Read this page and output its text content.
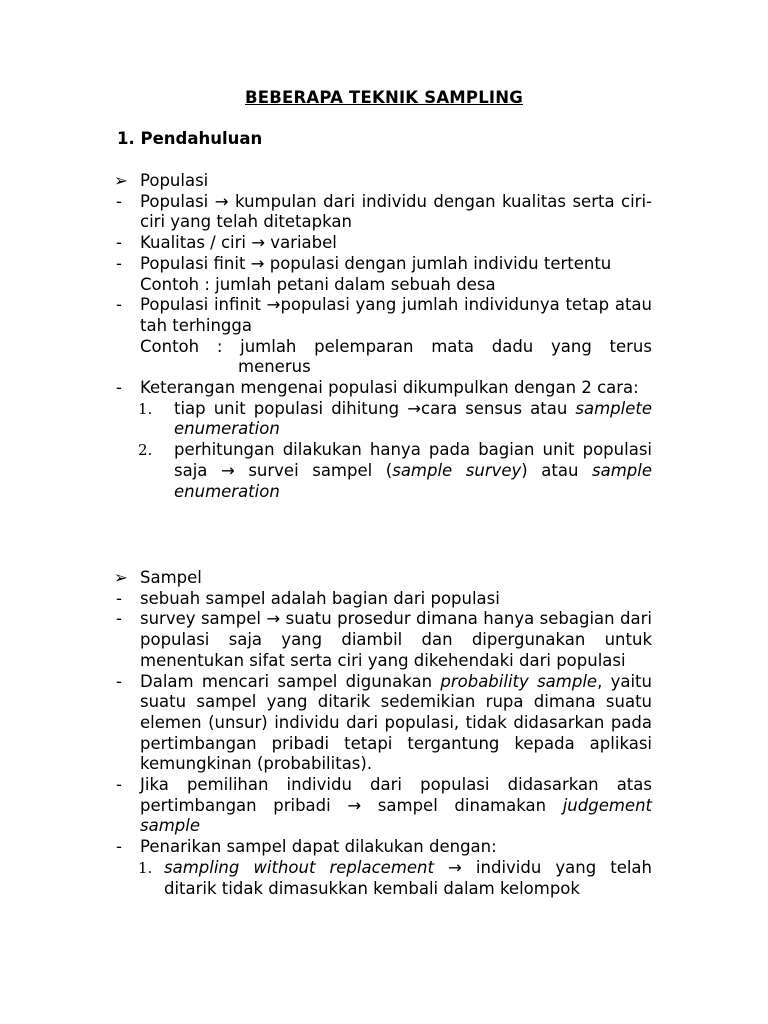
BEBERAPA TEKNIK SAMPLING
1. Pendahuluan
➢ Populasi
- Populasi → kumpulan dari individu dengan kualitas serta ciri-ciri yang telah ditetapkan
- Kualitas / ciri → variabel
- Populasi finit → populasi dengan jumlah individu tertentu
Contoh : jumlah petani dalam sebuah desa
- Populasi infinit →populasi yang jumlah individunya tetap atau tah terhingga
Contoh : jumlah pelemparan mata dadu yang terus
menerus
- Keterangan mengenai populasi dikumpulkan dengan 2 cara:
1. tiap unit populasi dihitung →cara sensus atau samplete enumeration
2. perhitungan dilakukan hanya pada bagian unit populasi saja → survei sampel (sample survey) atau sample enumeration
➢ Sampel
- sebuah sampel adalah bagian dari populasi
- survey sampel → suatu prosedur dimana hanya sebagian dari populasi saja yang diambil dan dipergunakan untuk menentukan sifat serta ciri yang dikehendaki dari populasi
- Dalam mencari sampel digunakan probability sample, yaitu suatu sampel yang ditarik sedemikian rupa dimana suatu elemen (unsur) individu dari populasi, tidak didasarkan pada pertimbangan pribadi tetapi tergantung kepada aplikasi kemungkinan (probabilitas).
- Jika pemilihan individu dari populasi didasarkan atas pertimbangan pribadi → sampel dinamakan judgement sample
- Penarikan sampel dapat dilakukan dengan:
1. sampling without replacement → individu yang telah ditarik tidak dimasukkan kembali dalam kelompok
